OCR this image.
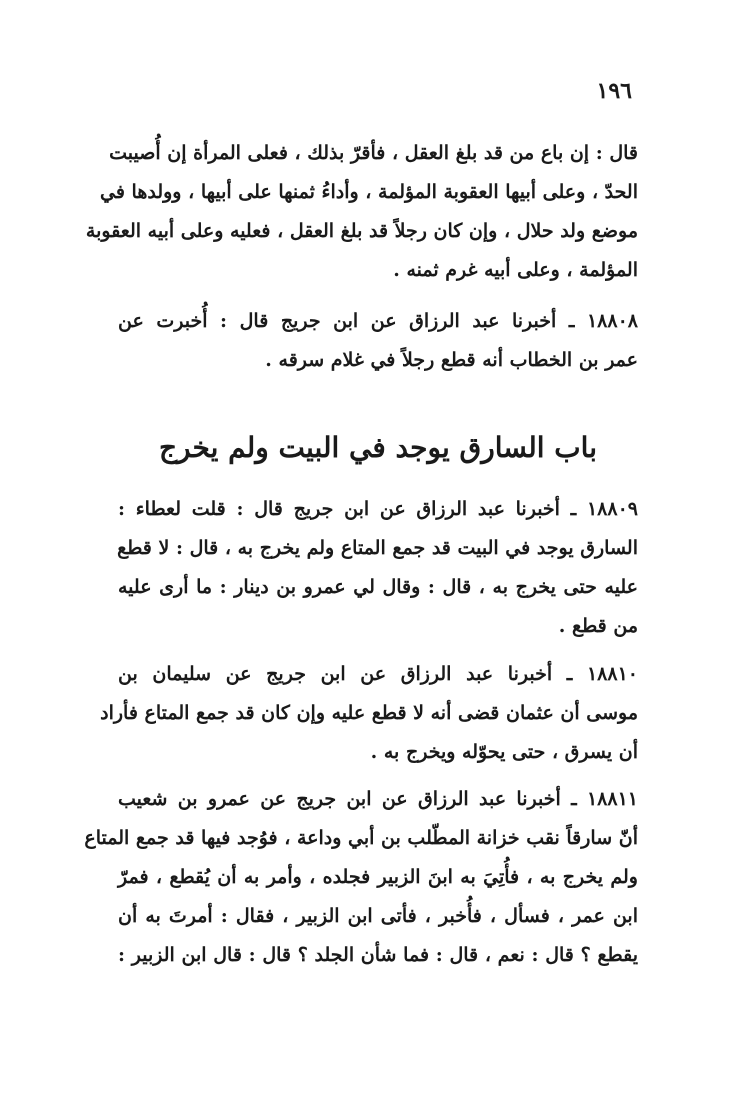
١٩٦
قال : إن باع من قد بلغ العقل ، فأقرّ بذلك ، فعلى المرأة إن أُصيبت
الحدّ ، وعلى أبيها العقوبة المؤلمة ، وأداءُ ثمنها على أبيها ، وولدها في
موضع ولد حلال ، وإن كان رجلاً قد بلغ العقل ، فعليه وعلى أبيه العقوبة
المؤلمة ، وعلى أبيه غرم ثمنه .
١٨٨٠٨ ـ أخبرنا عبد الرزاق عن ابن جريج قال : أُخبرت عن
عمر بن الخطاب أنه قطع رجلاً في غلام سرقه .
باب السارق يوجد في البيت ولم يخرج
١٨٨٠٩ ـ أخبرنا عبد الرزاق عن ابن جريج قال : قلت لعطاء :
السارق يوجد في البيت قد جمع المتاع ولم يخرج به ، قال : لا قطع
عليه حتى يخرج به ، قال : وقال لي عمرو بن دينار : ما أرى عليه
من قطع .
١٨٨١٠ ـ أخبرنا عبد الرزاق عن ابن جريج عن سليمان بن
موسى أن عثمان قضى أنه لا قطع عليه وإن كان قد جمع المتاع فأراد
أن يسرق ، حتى يحوّله ويخرج به .
١٨٨١١ ـ أخبرنا عبد الرزاق عن ابن جريج عن عمرو بن شعيب
أنّ سارقاً نقب خزانة المطّلب بن أبي وداعة ، فوُجد فيها قد جمع المتاع
ولم يخرج به ، فأُتِيَ به ابنَ الزبير فجلده ، وأمر به أن يُقطع ، فمرّ
ابن عمر ، فسأل ، فأُخبر ، فأتى ابن الزبير ، فقال : أمرتَ به أن
يقطع ؟ قال : نعم ، قال : فما شأن الجلد ؟ قال : قال ابن الزبير :
